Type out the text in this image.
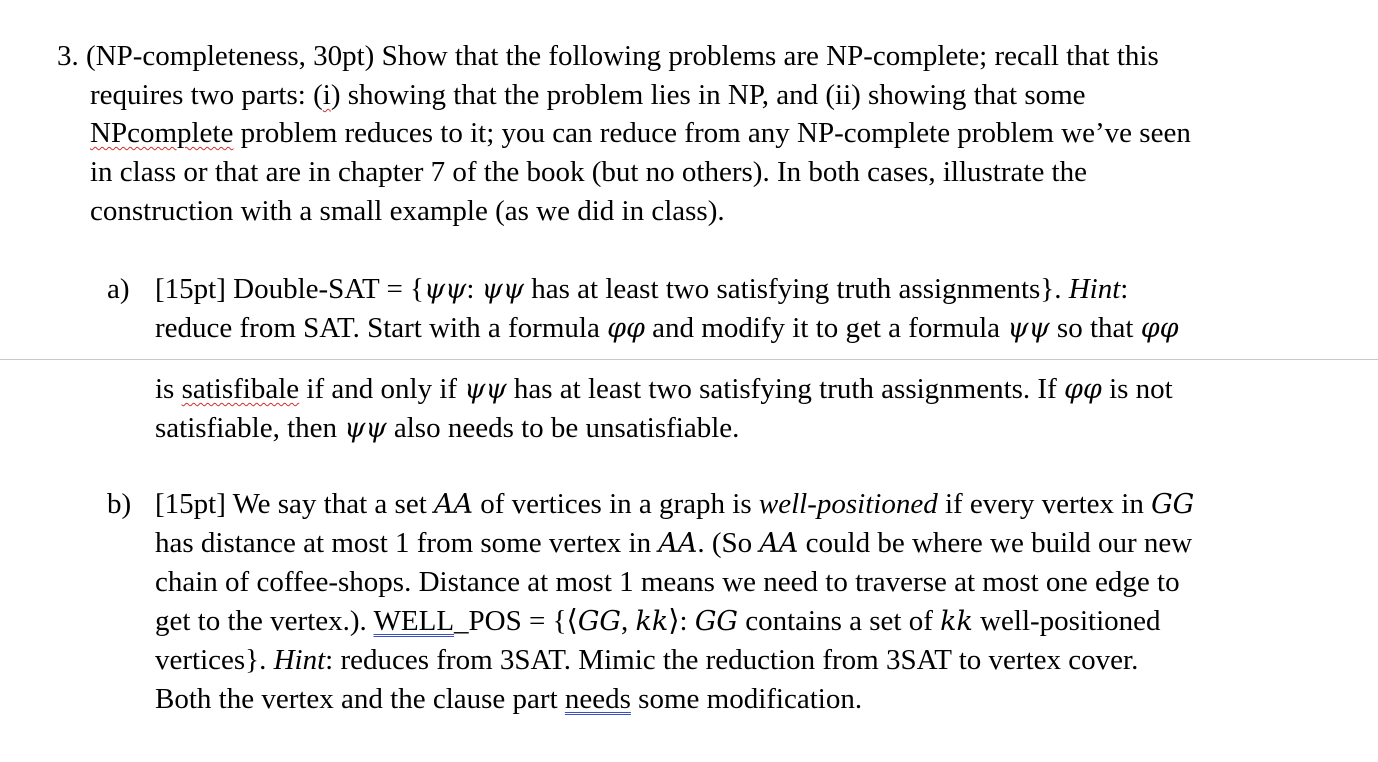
3. (NP-completeness, 30pt) Show that the following problems are NP-complete; recall that this
requires two parts: (i) showing that the problem lies in NP, and (ii) showing that some
NPcomplete problem reduces to it; you can reduce from any NP-complete problem we’ve seen
in class or that are in chapter 7 of the book (but no others). In both cases, illustrate the
construction with a small example (as we did in class).
a) [15pt] Double-SAT = {ψψ: ψψ has at least two satisfying truth assignments}. Hint:
reduce from SAT. Start with a formula φφ and modify it to get a formula ψψ so that φφ
is satisfibale if and only if ψψ has at least two satisfying truth assignments. If φφ is not
satisfiable, then ψψ also needs to be unsatisfiable.
b) [15pt] We say that a set AA of vertices in a graph is well-positioned if every vertex in GG
has distance at most 1 from some vertex in AA. (So AA could be where we build our new
chain of coffee-shops. Distance at most 1 means we need to traverse at most one edge to
get to the vertex.). WELL_POS = {⟨GG, kk⟩: GG contains a set of kk well-positioned
vertices}. Hint: reduces from 3SAT. Mimic the reduction from 3SAT to vertex cover.
Both the vertex and the clause part needs some modification.
